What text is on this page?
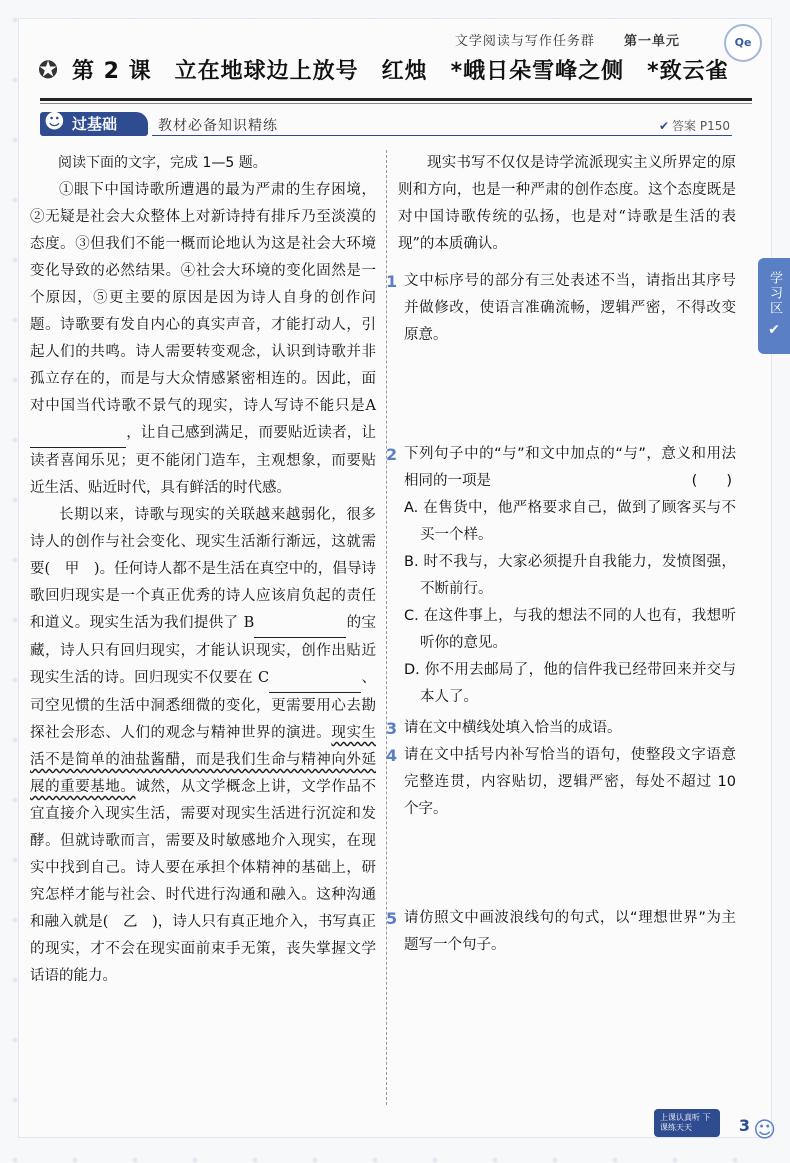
文学阅读与写作任务群 第一单元	Qe
✪ 第 2 课　立在地球边上放号　红烛　*峨日朵雪峰之侧　*致云雀
☻ 过基础	教材必备知识精练	✔ 答案 P150

阅读下面的文字，完成 1—5 题。

①眼下中国诗歌所遭遇的最为严肃的生存困境，②无疑是社会大众整体上对新诗持有排斥乃至淡漠的态度。③但我们不能一概而论地认为这是社会大环境变化导致的必然结果。④社会大环境的变化固然是一个原因，⑤更主要的原因是因为诗人自身的创作问题。诗歌要有发自内心的真实声音，才能打动人，引起人们的共鸣。诗人需要转变观念，认识到诗歌并非孤立存在的，而是与大众情感紧密相连的。因此，面对中国当代诗歌不景气的现实，诗人写诗不能只是A ，让自己感到满足，而要贴近读者，让读者喜闻乐见；更不能闭门造车，主观想象，而要贴近生活、贴近时代，具有鲜活的时代感。

长期以来，诗歌与现实的关联越来越弱化，很多诗人的创作与社会变化、现实生活渐行渐远，这就需要(　甲　)。任何诗人都不是生活在真空中的，倡导诗歌回归现实是一个真正优秀的诗人应该肩负起的责任和道义。现实生活为我们提供了 B	的宝藏，诗人只有回归现实，才能认识现实，创作出贴近现实生活的诗。回归现实不仅要在 C	、司空见惯的生活中洞悉细微的变化，更需要用心去勘探社会形态、人们的观念与精神世界的演进。现实生活不是简单的油盐酱醋，而是我们生命与精神向外延展的重要基地。诚然，从文学概念上讲，文学作品不宜直接介入现实生活，需要对现实生活进行沉淀和发酵。但就诗歌而言，需要及时敏感地介入现实，在现实中找到自己。诗人要在承担个体精神的基础上，研究怎样才能与社会、时代进行沟通和融入。这种沟通和融入就是(　乙　)，诗人只有真正地介入，书写真正的现实，才不会在现实面前束手无策，丧失掌握文学话语的能力。

现实书写不仅仅是诗学流派现实主义所界定的原则和方向，也是一种严肃的创作态度。这个态度既是对中国诗歌传统的弘扬，也是对“诗歌是生活的表现”的本质确认。

1 文中标序号的部分有三处表述不当，请指出其序号并做修改，使语言准确流畅，逻辑严密，不得改变原意。
2 下列句子中的“与”和文中加点的“与”，意义和用法相同的一项是	(　　)

A. 在售货中，他严格要求自己，做到了顾客买与不买一个样。

B. 时不我与，大家必须提升自我能力，发愤图强，不断前行。

C. 在这件事上，与我的想法不同的人也有，我想听听你的意见。

D. 你不用去邮局了，他的信件我已经带回来并交与本人了。

3 请在文中横线处填入恰当的成语。
4 请在文中括号内补写恰当的语句，使整段文字语意完整连贯，内容贴切，逻辑严密，每处不超过 10 个字。
5 请仿照文中画波浪线句的句式，以“理想世界”为主题写一个句子。
学习区 ✔
上课认真听 下课练天天	3 ☺
